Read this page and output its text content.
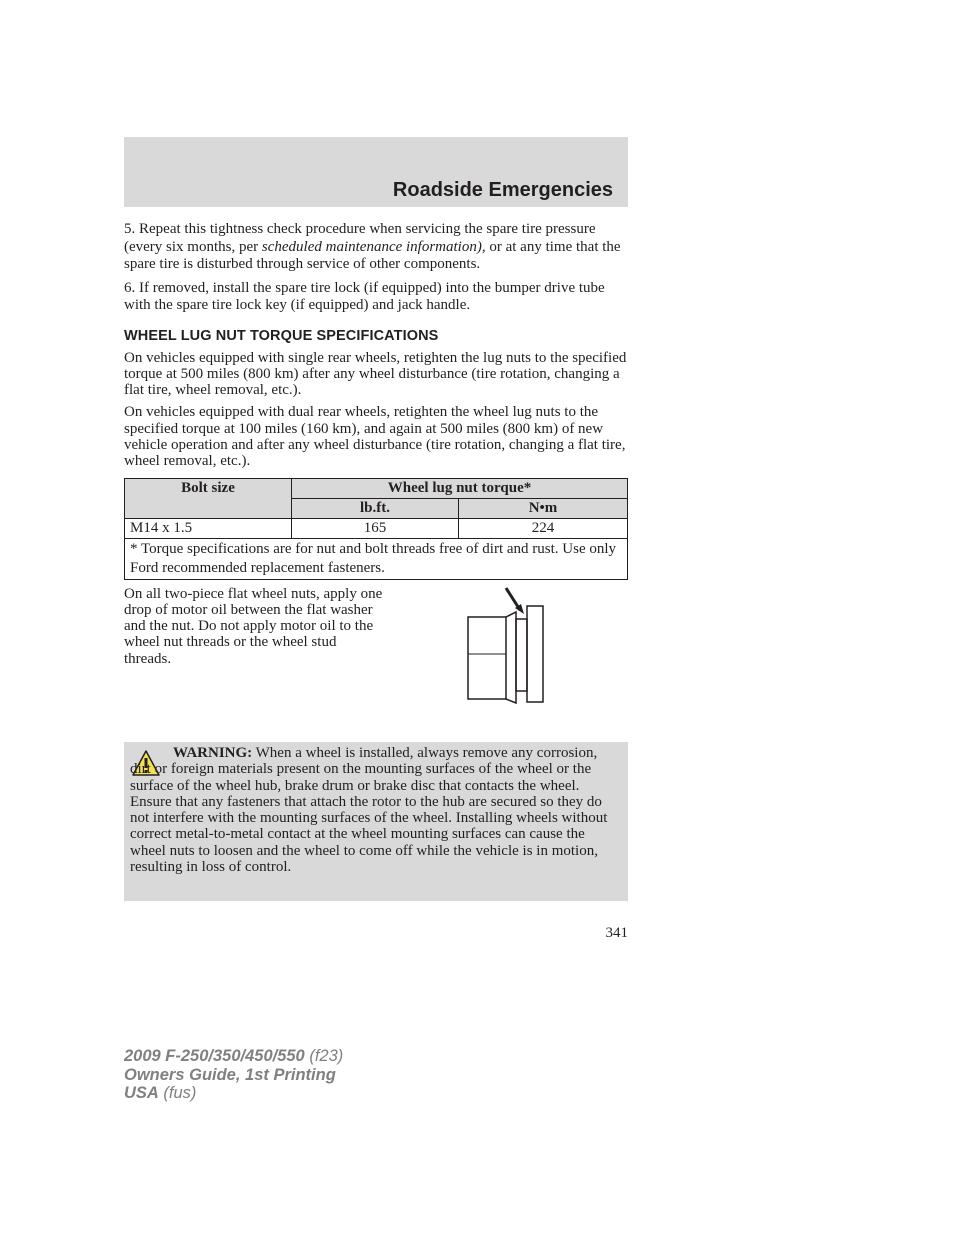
Roadside Emergencies

5. Repeat this tightness check procedure when servicing the spare tire pressure (every six months, per scheduled maintenance information), or at any time that the spare tire is disturbed through service of other components.

6. If removed, install the spare tire lock (if equipped) into the bumper drive tube with the spare tire lock key (if equipped) and jack handle.

WHEEL LUG NUT TORQUE SPECIFICATIONS

On vehicles equipped with single rear wheels, retighten the lug nuts to the specified torque at 500 miles (800 km) after any wheel disturbance (tire rotation, changing a flat tire, wheel removal, etc.).

On vehicles equipped with dual rear wheels, retighten the wheel lug nuts to the specified torque at 100 miles (160 km), and again at 500 miles (800 km) of new vehicle operation and after any wheel disturbance (tire rotation, changing a flat tire, wheel removal, etc.).

Bolt size	Wheel lug nut torque*	
	lb.ft.	N•m
M14 x 1.5	165	224
* Torque specifications are for nut and bolt threads free of dirt and rust. Use only Ford recommended replacement fasteners.		

On all two-piece flat wheel nuts, apply one drop of motor oil between the flat washer and the nut. Do not apply motor oil to the wheel nut threads or the wheel stud threads.

WARNING: When a wheel is installed, always remove any corrosion, dirt or foreign materials present on the mounting surfaces of the wheel or the surface of the wheel hub, brake drum or brake disc that contacts the wheel. Ensure that any fasteners that attach the rotor to the hub are secured so they do not interfere with the mounting surfaces of the wheel. Installing wheels without correct metal-to-metal contact at the wheel mounting surfaces can cause the wheel nuts to loosen and the wheel to come off while the vehicle is in motion, resulting in loss of control.

341
2009 F-250/350/450/550 (f23)
Owners Guide, 1st Printing
USA (fus)
